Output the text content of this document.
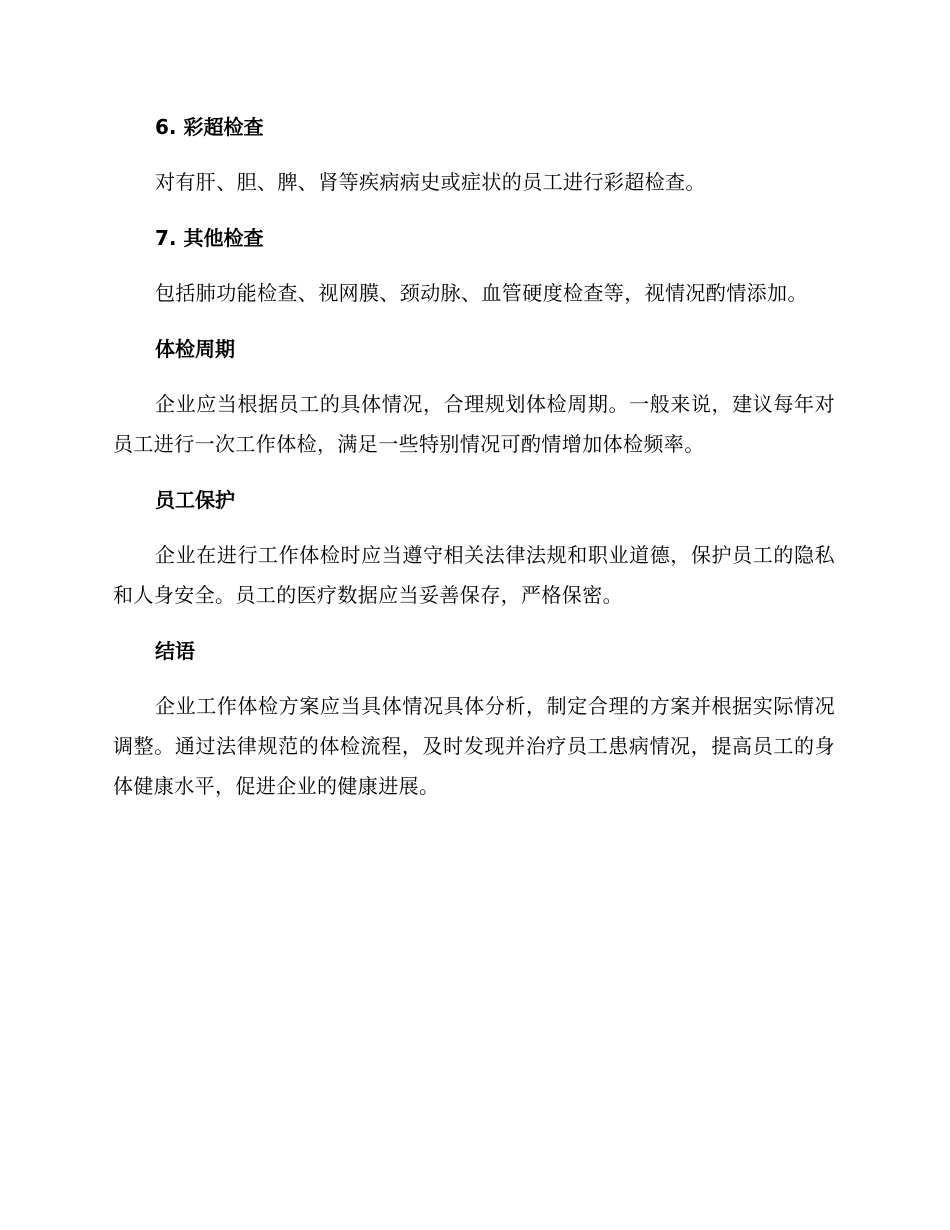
6. 彩超检查

对有肝、胆、脾、肾等疾病病史或症状的员工进行彩超检查。

7. 其他检查

包括肺功能检查、视网膜、颈动脉、血管硬度检查等，视情况酌情添加。

体检周期

企业应当根据员工的具体情况，合理规划体检周期。一般来说，建议每年对员工进行一次工作体检，满足一些特别情况可酌情增加体检频率。

员工保护

企业在进行工作体检时应当遵守相关法律法规和职业道德，保护员工的隐私和人身安全。员工的医疗数据应当妥善保存，严格保密。

结语

企业工作体检方案应当具体情况具体分析，制定合理的方案并根据实际情况调整。通过法律规范的体检流程，及时发现并治疗员工患病情况，提高员工的身体健康水平，促进企业的健康进展。
